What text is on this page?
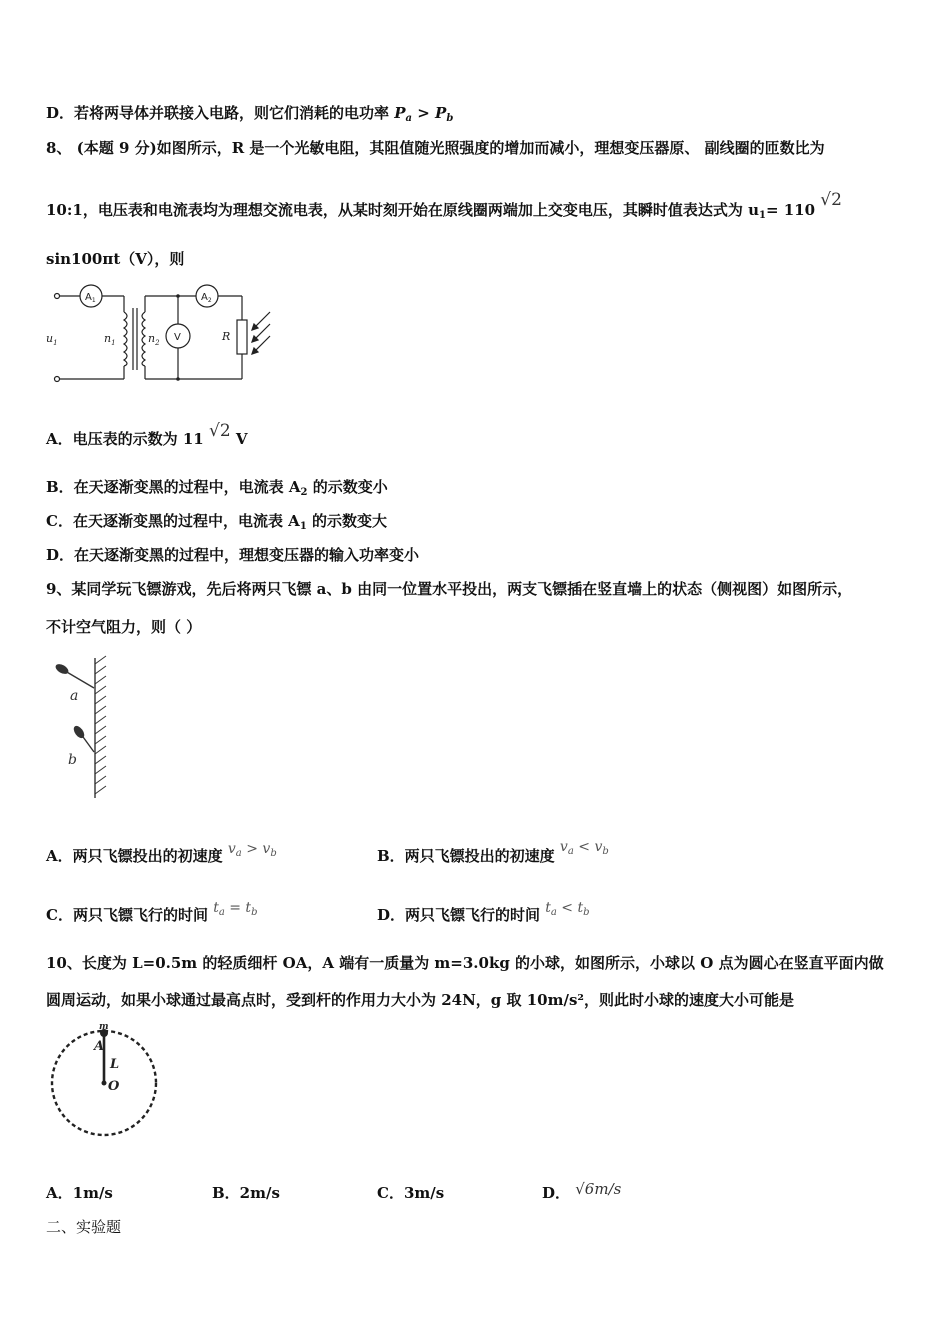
D．若将两导体并联接入电路，则它们消耗的电功率 $P_a > P_b$
8、 (本题 9 分)如图所示，R 是一个光敏电阻，其阻值随光照强度的增加而减小，理想变压器原、 副线圈的匝数比为
10:1，电压表和电流表均为理想交流电表，从某时刻开始在原线圈两端加上交变电压，其瞬时值表达式为 $u_1= 110$ √2
sin100πt（V），则
$u_1$	$n_1$	$n_2$	R
$A_1$	$A_2$
V
A．电压表的示数为 11 √2 V
B．在天逐渐变黑的过程中，电流表 $A_2$ 的示数变小
C．在天逐渐变黑的过程中，电流表 $A_1$ 的示数变大
D．在天逐渐变黑的过程中，理想变压器的输入功率变小
9、某同学玩飞镖游戏，先后将两只飞镖 a、b 由同一位置水平投出，两支飞镖插在竖直墙上的状态（侧视图）如图所示，
不计空气阻力，则（ ）
a
b
A．两只飞镖投出的初速度 $v_a > v_b$	B．两只飞镖投出的初速度 $v_a < v_b$
C．两只飞镖飞行的时间 $t_a = t_b$	D．两只飞镖飞行的时间 $t_a < t_b$
10、长度为 L=0.5m 的轻质细杆 OA，A 端有一质量为 m=3.0kg 的小球，如图所示，小球以 O 点为圆心在竖直平面内做
圆周运动，如果小球通过最高点时，受到杆的作用力大小为 24N，g 取 10m/s²，则此时小球的速度大小可能是
m
A
L
O
A．1m/s	B．2m/s	C．3m/s	D． √6m/s
二、实验题
